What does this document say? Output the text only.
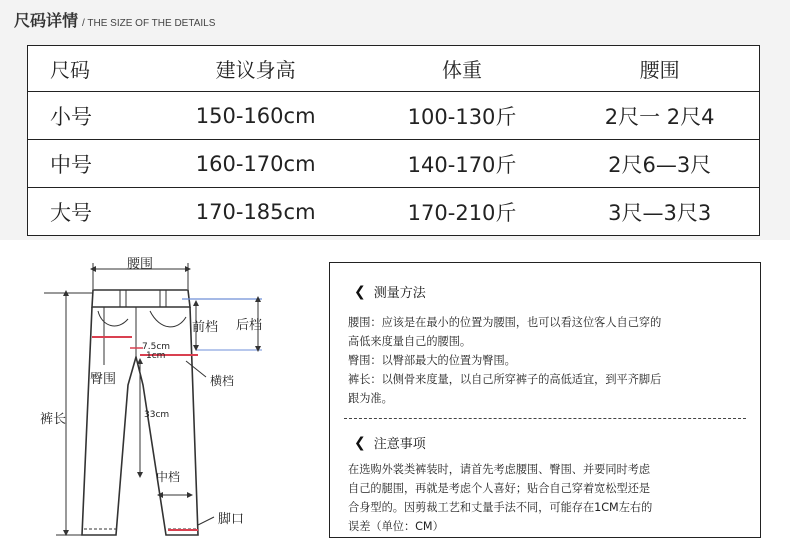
尺码详情 / THE SIZE OF THE DETAILS
尺码	建议身高	体重	腰围
小号	150-160cm	100-130斤	2尺一 2尺4
中号	160-170cm	140-170斤	2尺6—3尺
大号	170-185cm	170-210斤	3尺—3尺3
腰围
前档 后档
臀围	横档
裤长
中档
脚口
7.5cm
1cm
33cm
❮ 测量方法
腰围：应该是在最小的位置为腰围，也可以看这位客人自己穿的
高低来度量自己的腰围。
臀围：以臀部最大的位置为臀围。
裤长：以侧骨来度量，以自己所穿裤子的高低适宜，到平齐脚后
跟为准。
❮ 注意事项
在选购外裳类裤装时，请首先考虑腰围、臀围、并要同时考虑
自己的腿围，再就是考虑个人喜好；贴合自己穿着宽松型还是
合身型的。因剪裁工艺和丈量手法不同，可能存在1CM左右的
误差（单位：CM）
